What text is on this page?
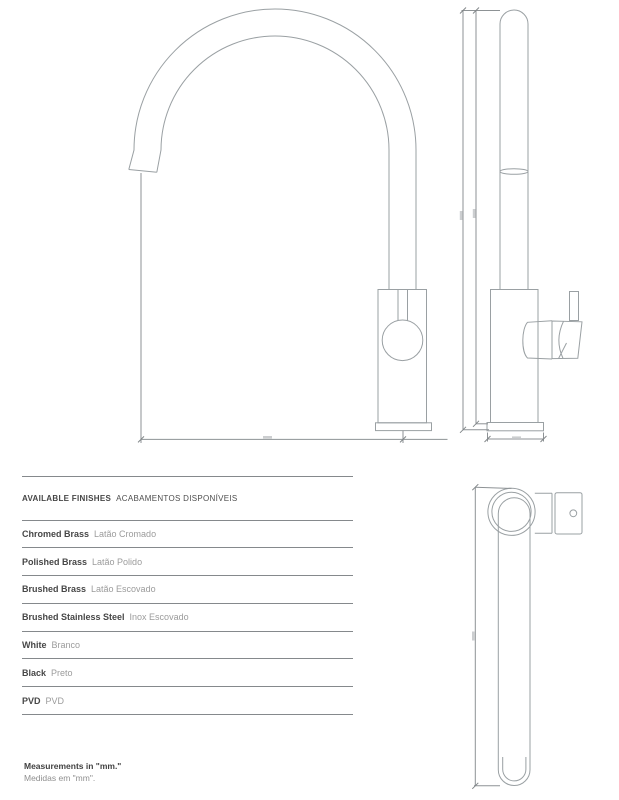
AVAILABLE FINISHES ACABAMENTOS DISPONÍVEIS
Chromed Brass Latão Cromado
Polished Brass Latão Polido
Brushed Brass Latão Escovado
Brushed Stainless Steel Inox Escovado
White Branco
Black Preto
PVD PVD
Measurements in "mm."
Medidas em "mm".
